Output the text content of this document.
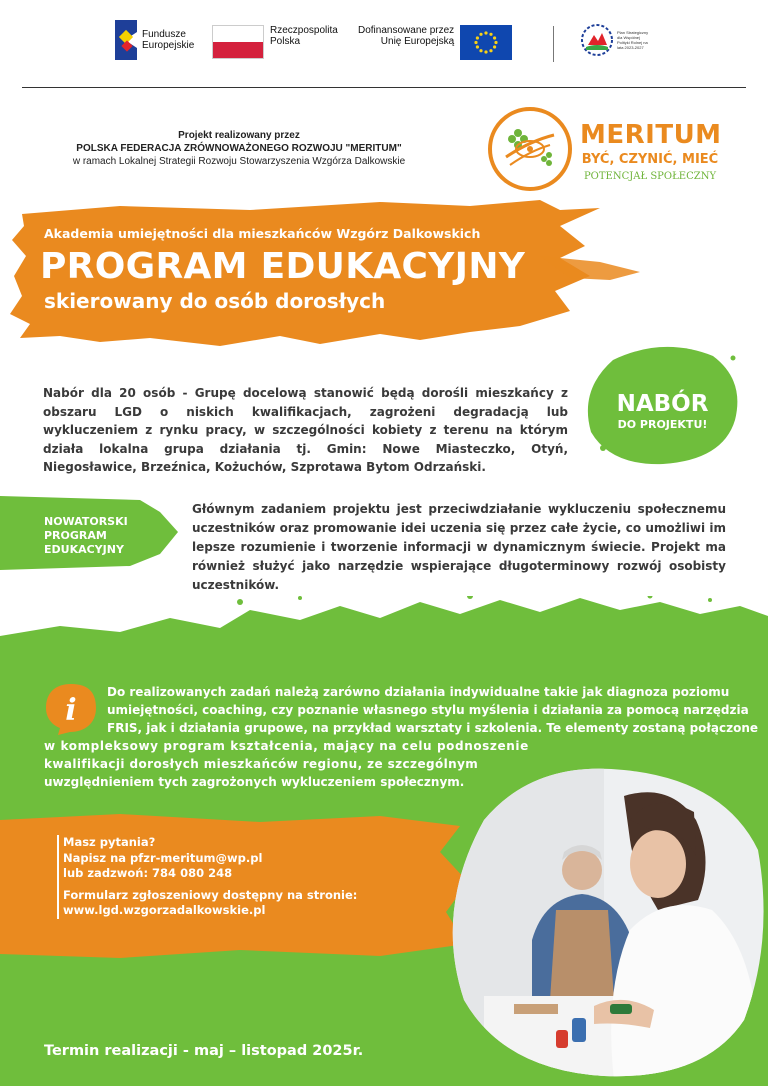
Fundusze
Europejskie
Rzeczpospolita
Polska
Dofinansowane przez
Unię Europejską
Plan Strategiczny dla Wspólnej Polityki Rolnej na lata 2023-2027
Projekt realizowany przez
POLSKA FEDERACJA ZRÓWNOWAŻONEGO ROZWOJU "MERITUM"
w ramach Lokalnej Strategii Rozwoju Stowarzyszenia Wzgórza Dalkowskie
MERITUM
BYĆ, CZYNIĆ, MIEĆ
POTENCJAŁ SPOŁECZNY
Akademia umiejętności dla mieszkańców Wzgórz Dalkowskich
PROGRAM EDUKACYJNY
skierowany do osób dorosłych
Nabór dla 20 osób - Grupę docelową stanowić będą dorośli mieszkańcy z obszaru LGD o niskich kwalifikacjach, zagrożeni degradacją lub wykluczeniem z rynku pracy, w szczególności kobiety z terenu na którym działa lokalna grupa działania tj. Gmin: Nowe Miasteczko, Otyń, Niegosławice, Brzeźnica, Kożuchów, Szprotawa Bytom Odrzański.
NABÓR
DO PROJEKTU!
NOWATORSKI
PROGRAM
EDUKACYJNY
Głównym zadaniem projektu jest przeciwdziałanie wykluczeniu społecznemu uczestników oraz promowanie idei uczenia się przez całe życie, co umożliwi im lepsze rozumienie i tworzenie informacji w dynamicznym świecie. Projekt ma również służyć jako narzędzie wspierające długoterminowy rozwój osobisty uczestników.
i
Do realizowanych zadań należą zarówno działania indywidualne takie jak diagnoza poziomu
umiejętności, coaching, czy poznanie własnego stylu myślenia i działania za pomocą narzędzia
FRIS, jak i działania grupowe, na przykład warsztaty i szkolenia. Te elementy zostaną połączone
w kompleksowy program kształcenia, mający na celu podnoszenie
kwalifikacji dorosłych mieszkańców regionu, ze szczególnym
uwzględnieniem tych zagrożonych wykluczeniem społecznym.
Masz pytania?
Napisz na pfzr-meritum@wp.pl
lub zadzwoń: 784 080 248
Formularz zgłoszeniowy dostępny na stronie:
www.lgd.wzgorzadalkowskie.pl
Termin realizacji - maj – listopad 2025r.
